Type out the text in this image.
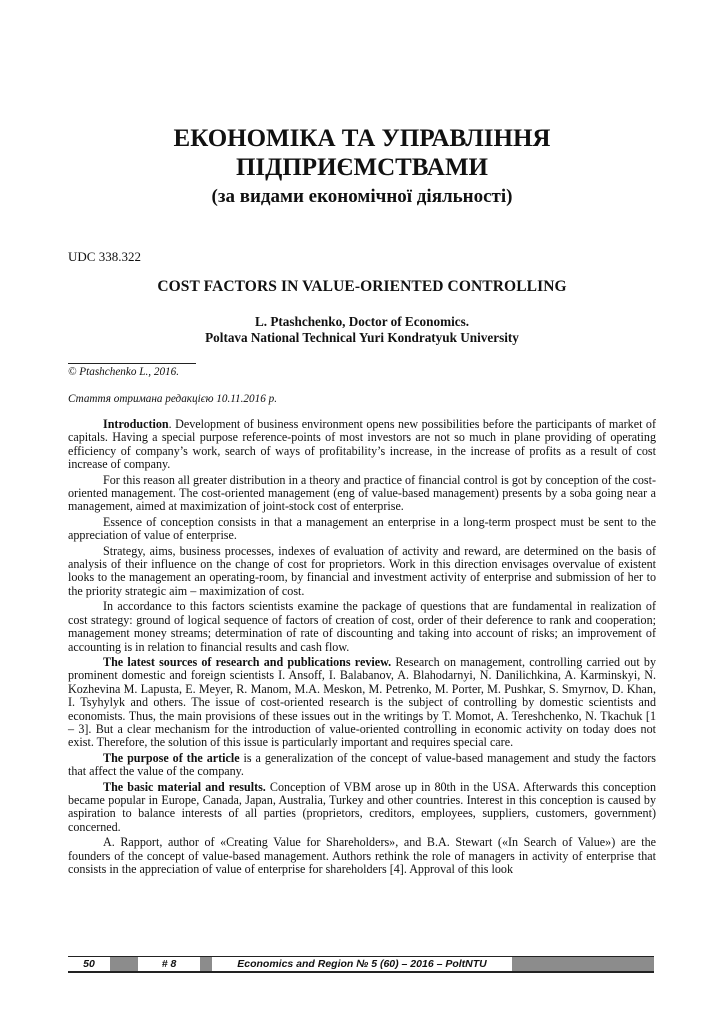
ЕКОНОМІКА ТА УПРАВЛІННЯ
ПІДПРИЄМСТВАМИ
(за видами економічної діяльності)
UDC 338.322
COST FACTORS IN VALUE-ORIENTED CONTROLLING
L. Ptashchenko, Doctor of Economics.
Poltava National Technical Yuri Kondratyuk University
© Ptashchenko L., 2016.
Стаття отримана редакцією 10.11.2016 р.

Introduction. Development of business environment opens new possibilities before the participants of market of capitals. Having a special purpose reference-points of most investors are not so much in plane providing of operating efficiency of company’s work, search of ways of profitability’s increase, in the increase of profits as a result of cost increase of company.

For this reason all greater distribution in a theory and practice of financial control is got by conception of the cost-oriented management. The cost-oriented management (eng of value-based management) presents by a soba going near a management, aimed at maximization of joint-stock cost of enterprise.

Essence of conception consists in that a management an enterprise in a long-term prospect must be sent to the appreciation of value of enterprise.

Strategy, aims, business processes, indexes of evaluation of activity and reward, are determined on the basis of analysis of their influence on the change of cost for proprietors. Work in this direction envisages overvalue of existent looks to the management an operating-room, by financial and investment activity of enterprise and submission of her to the priority strategic aim – maximization of cost.

In accordance to this factors scientists examine the package of questions that are fundamental in realization of cost strategy: ground of logical sequence of factors of creation of cost, order of their deference to rank and cooperation; management money streams; determination of rate of discounting and taking into account of risks; an improvement of accounting is in relation to financial results and cash flow.

The latest sources of research and publications review. Research on management, controlling carried out by prominent domestic and foreign scientists I. Ansoff, I. Balabanov, A. Blahodarnyi, N. Danilichkina, A. Karminskyi, N. Kozhevina M. Lapusta, E. Meyer, R. Manom, M.A. Meskon, M. Petrenko, M. Porter, M. Pushkar, S. Smyrnov, D. Khan, I. Tsyhylyk and others. The issue of cost-oriented research is the subject of controlling by domestic scientists and economists. Thus, the main provisions of these issues out in the writings by T. Momot, A. Tereshchenko, N. Tkachuk [1 – 3]. But a clear mechanism for the introduction of value-oriented controlling in economic activity on today does not exist. Therefore, the solution of this issue is particularly important and requires special care.

The purpose of the article is a generalization of the concept of value-based management and study the factors that affect the value of the company.

The basic material and results. Conception of VBM arose up in 80th in the USA. Afterwards this conception became popular in Europe, Canada, Japan, Australia, Turkey and other countries. Interest in this conception is caused by aspiration to balance interests of all parties (proprietors, creditors, employees, suppliers, customers, government) concerned.

A. Rapport, author of «Creating Value for Shareholders», and B.A. Stewart («In Search of Value») are the founders of the concept of value-based management. Authors rethink the role of managers in activity of enterprise that consists in the appreciation of value of enterprise for shareholders [4]. Approval of this look

50	# 8	Economics and Region № 5 (60) – 2016 – PoltNTU
